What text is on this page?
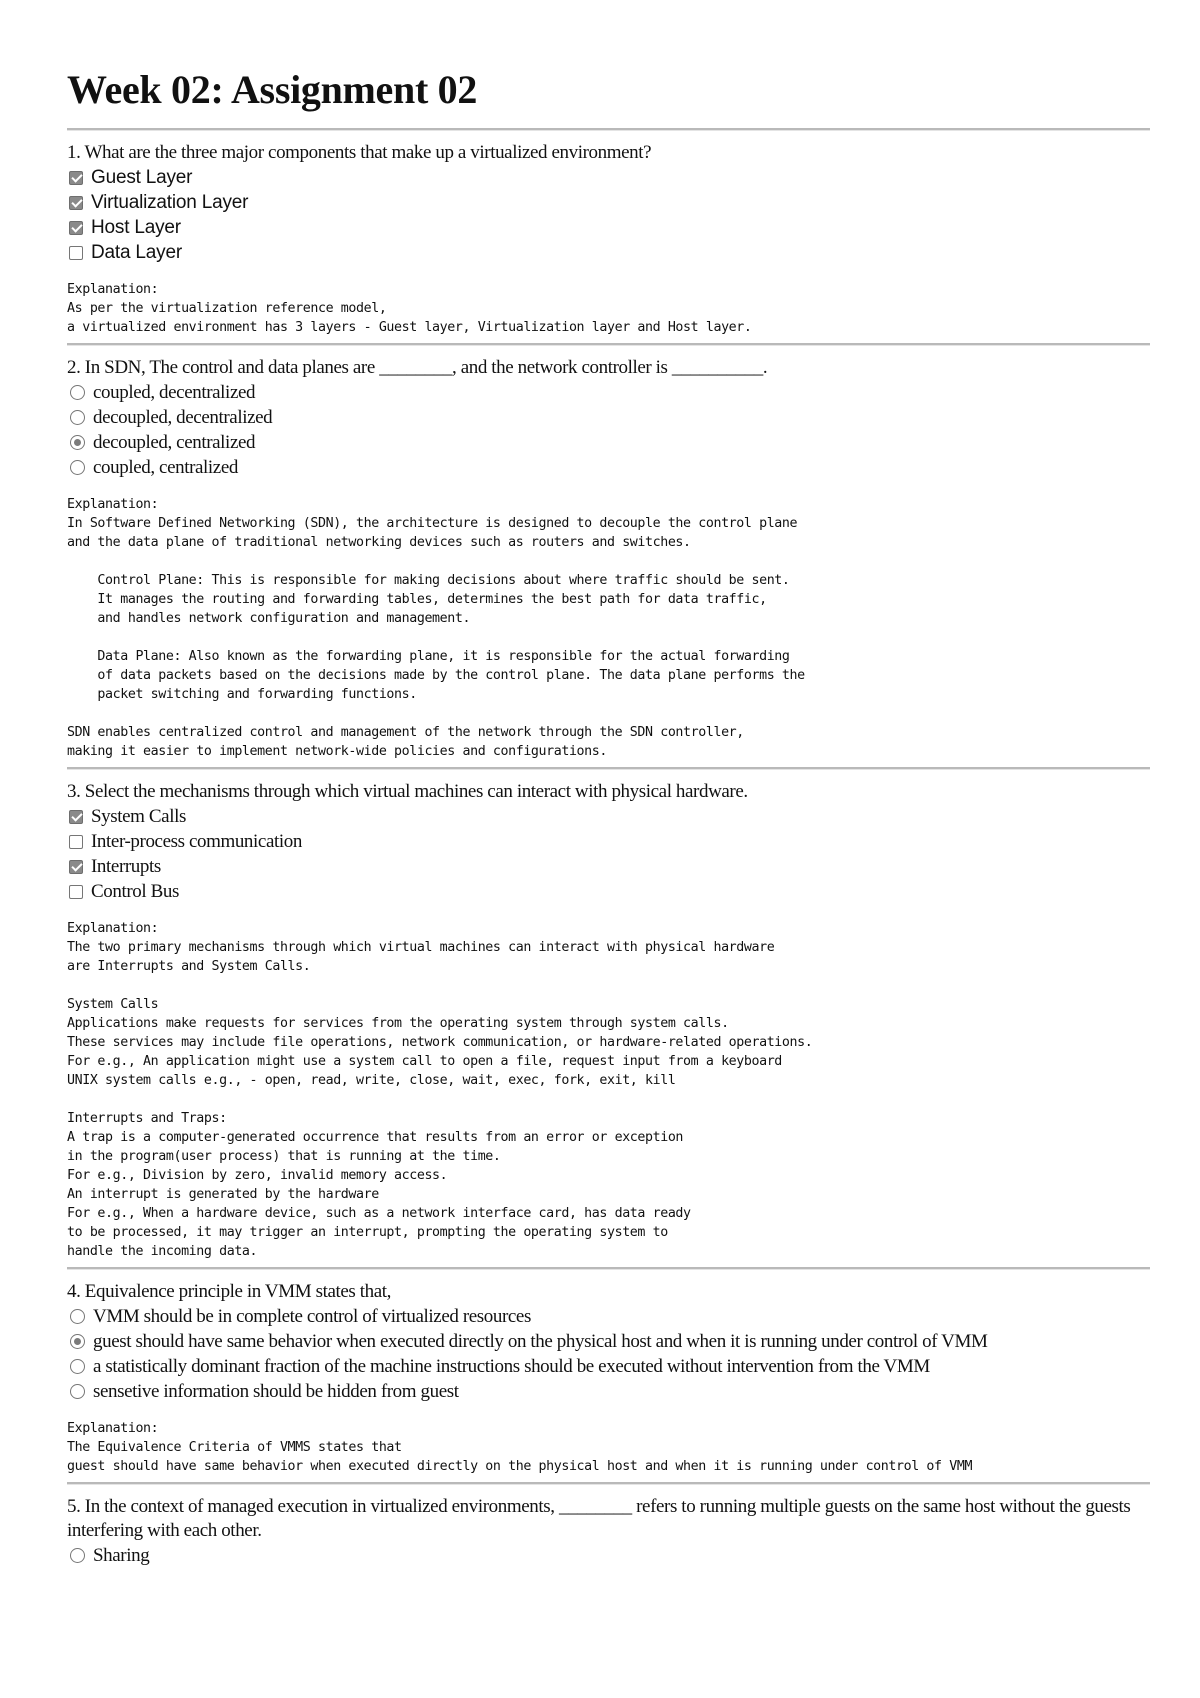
Week 02: Assignment 02

1. What are the three major components that make up a virtualized environment?

Guest Layer
Virtualization Layer
Host Layer
Data Layer
Explanation:
As per the virtualization reference model,
a virtualized environment has 3 layers - Guest layer, Virtualization layer and Host layer.

2. In SDN, The control and data planes are ________, and the network controller is __________.

coupled, decentralized
decoupled, decentralized
decoupled, centralized
coupled, centralized
Explanation:
In Software Defined Networking (SDN), the architecture is designed to decouple the control plane
and the data plane of traditional networking devices such as routers and switches.

Control Plane: This is responsible for making decisions about where traffic should be sent.
It manages the routing and forwarding tables, determines the best path for data traffic,
and handles network configuration and management.

Data Plane: Also known as the forwarding plane, it is responsible for the actual forwarding
of data packets based on the decisions made by the control plane. The data plane performs the
packet switching and forwarding functions.

SDN enables centralized control and management of the network through the SDN controller,
making it easier to implement network-wide policies and configurations.

3. Select the mechanisms through which virtual machines can interact with physical hardware.

System Calls
Inter-process communication
Interrupts
Control Bus
Explanation:
The two primary mechanisms through which virtual machines can interact with physical hardware
are Interrupts and System Calls.

System Calls
Applications make requests for services from the operating system through system calls.
These services may include file operations, network communication, or hardware-related operations.
For e.g., An application might use a system call to open a file, request input from a keyboard
UNIX system calls e.g., - open, read, write, close, wait, exec, fork, exit, kill

Interrupts and Traps:
A trap is a computer-generated occurrence that results from an error or exception
in the program(user process) that is running at the time.
For e.g., Division by zero, invalid memory access.
An interrupt is generated by the hardware
For e.g., When a hardware device, such as a network interface card, has data ready
to be processed, it may trigger an interrupt, prompting the operating system to
handle the incoming data.

4. Equivalence principle in VMM states that,

VMM should be in complete control of virtualized resources
guest should have same behavior when executed directly on the physical host and when it is running under control of VMM
a statistically dominant fraction of the machine instructions should be executed without intervention from the VMM
sensetive information should be hidden from guest
Explanation:
The Equivalence Criteria of VMMS states that
guest should have same behavior when executed directly on the physical host and when it is running under control of VMM

5. In the context of managed execution in virtualized environments, ________ refers to running multiple guests on the same host without the guests interfering with each other.

Sharing
